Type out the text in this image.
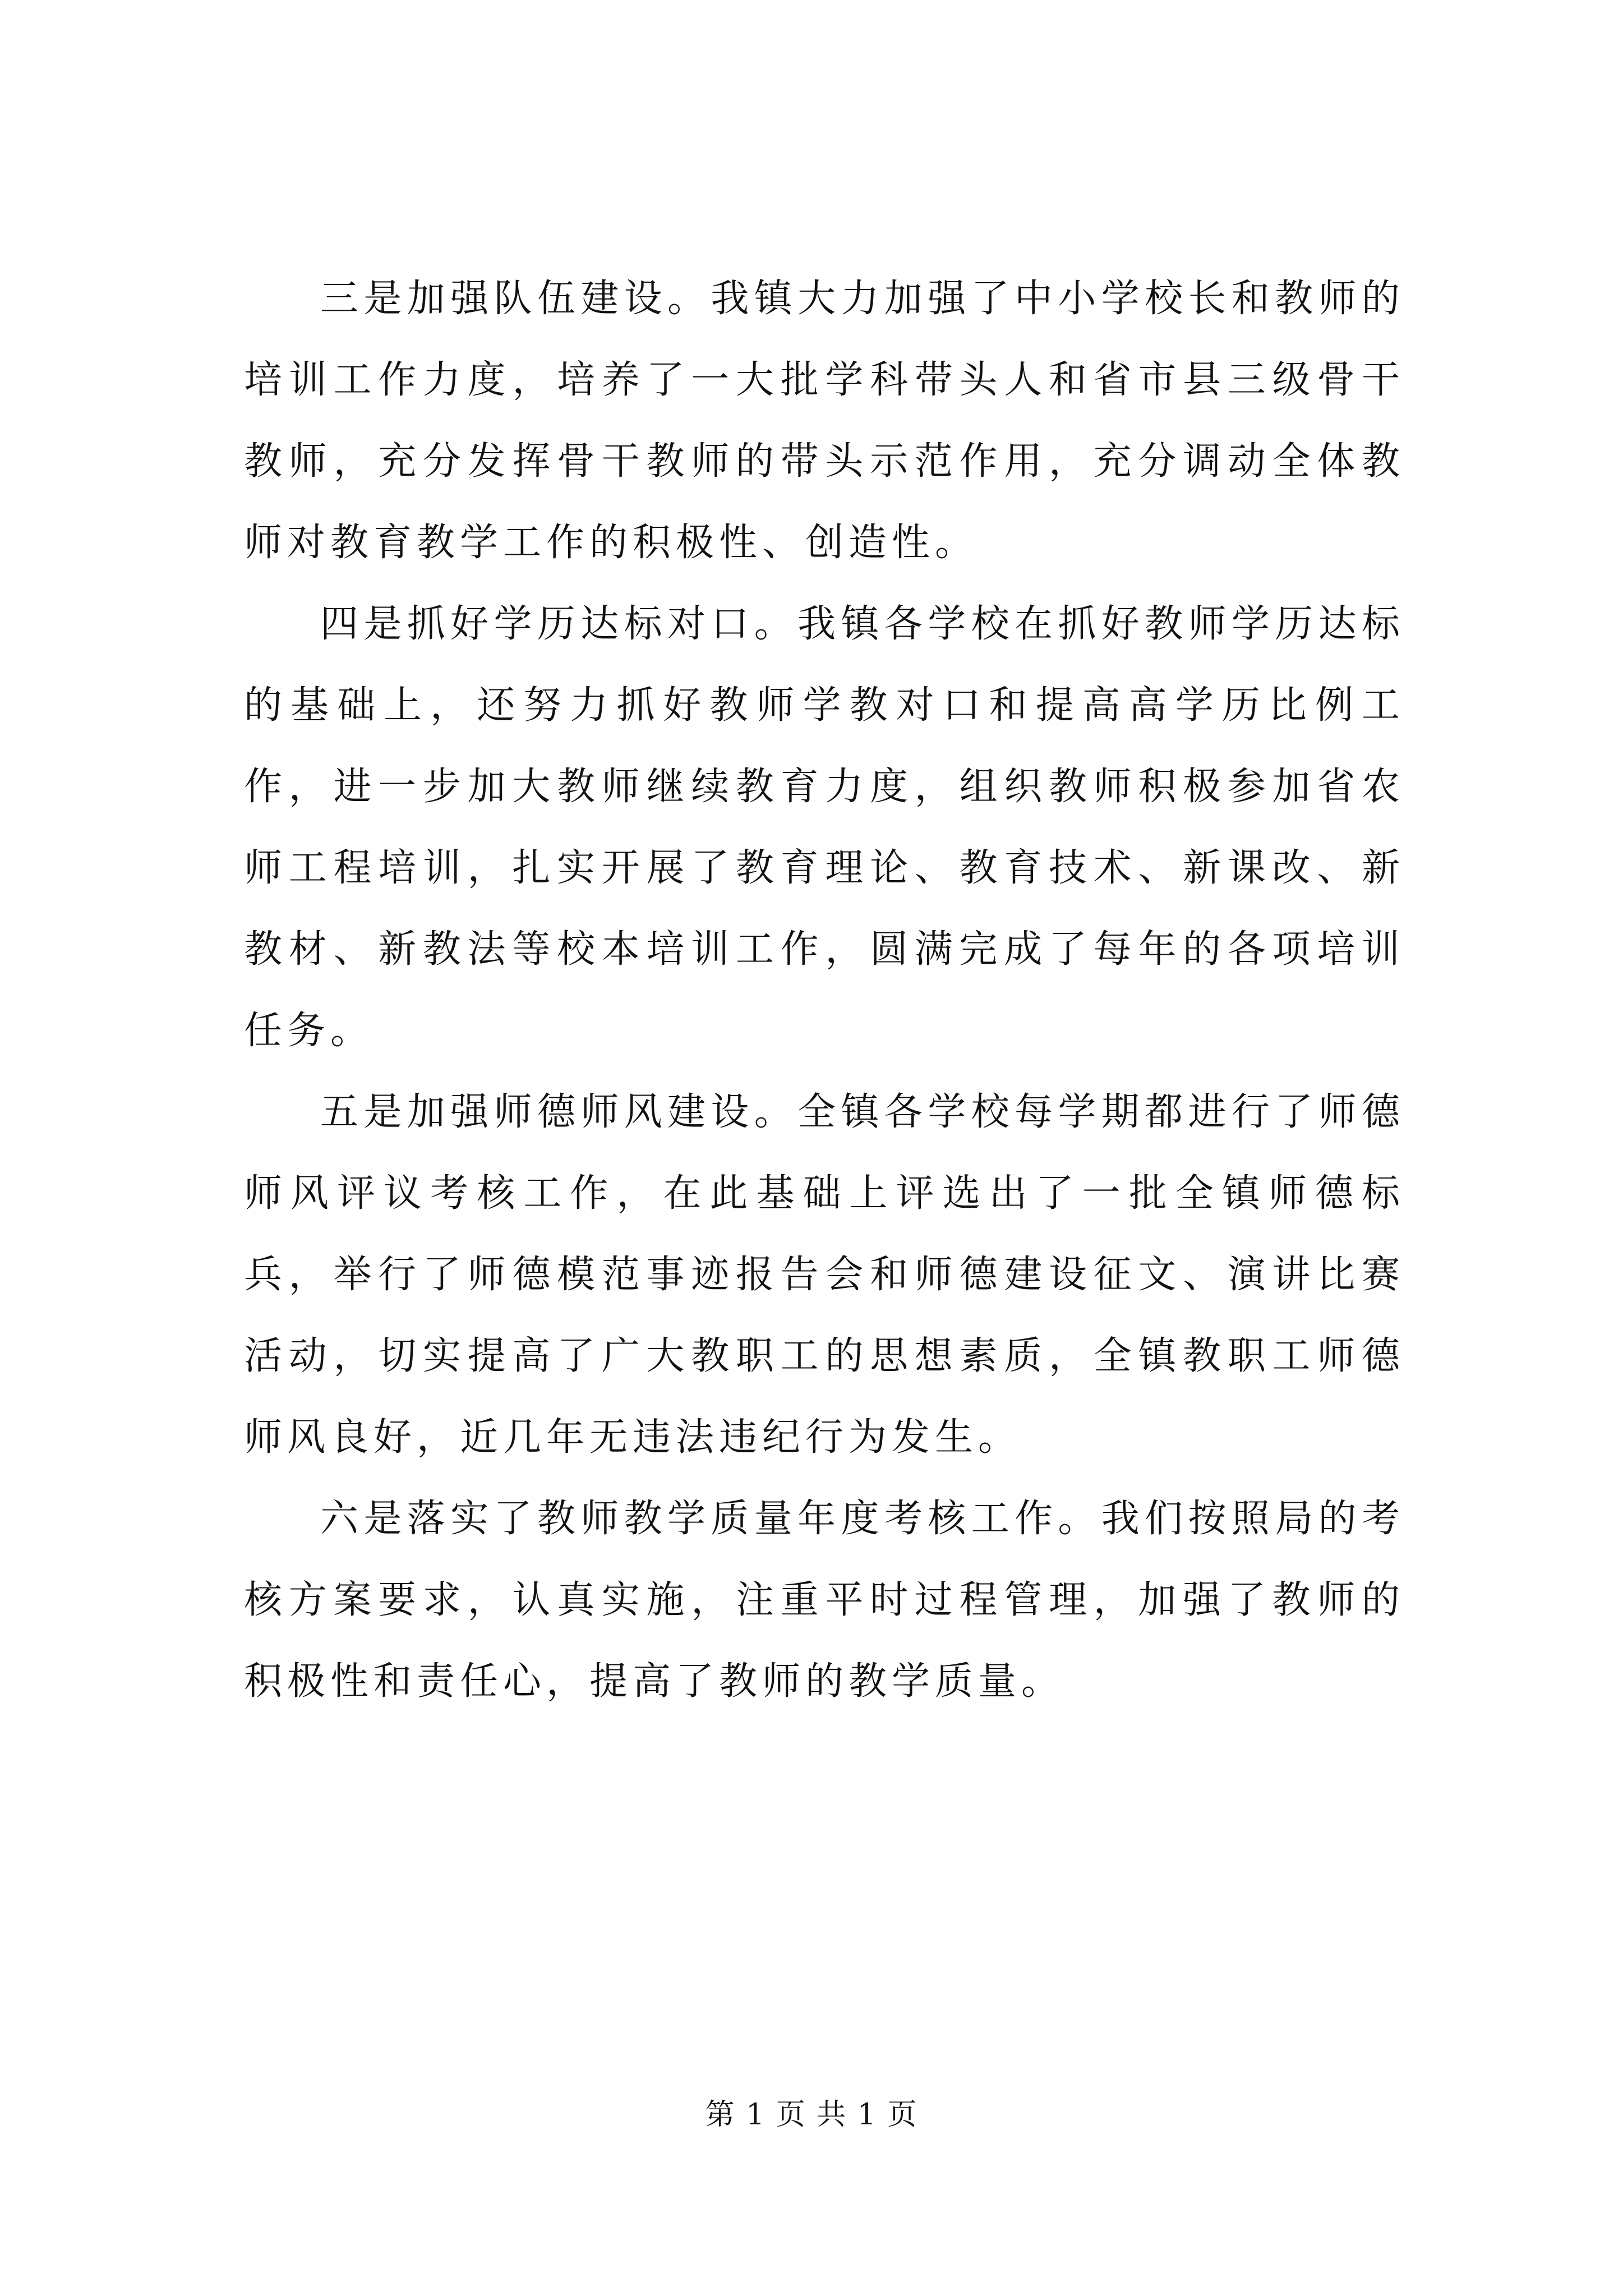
三是加强队伍建设。我镇大力加强了中小学校长和教师的培训工作力度，培养了一大批学科带头人和省市县三级骨干教师，充分发挥骨干教师的带头示范作用，充分调动全体教师对教育教学工作的积极性、创造性。

四是抓好学历达标对口。我镇各学校在抓好教师学历达标的基础上，还努力抓好教师学教对口和提高高学历比例工作，进一步加大教师继续教育力度，组织教师积极参加省农师工程培训，扎实开展了教育理论、教育技术、新课改、新教材、新教法等校本培训工作，圆满完成了每年的各项培训任务。

五是加强师德师风建设。全镇各学校每学期都进行了师德师风评议考核工作，在此基础上评选出了一批全镇师德标兵，举行了师德模范事迹报告会和师德建设征文、演讲比赛活动，切实提高了广大教职工的思想素质，全镇教职工师德师风良好，近几年无违法违纪行为发生。

六是落实了教师教学质量年度考核工作。我们按照局的考核方案要求，认真实施，注重平时过程管理，加强了教师的积极性和责任心，提高了教师的教学质量。

第 1 页 共 1 页
